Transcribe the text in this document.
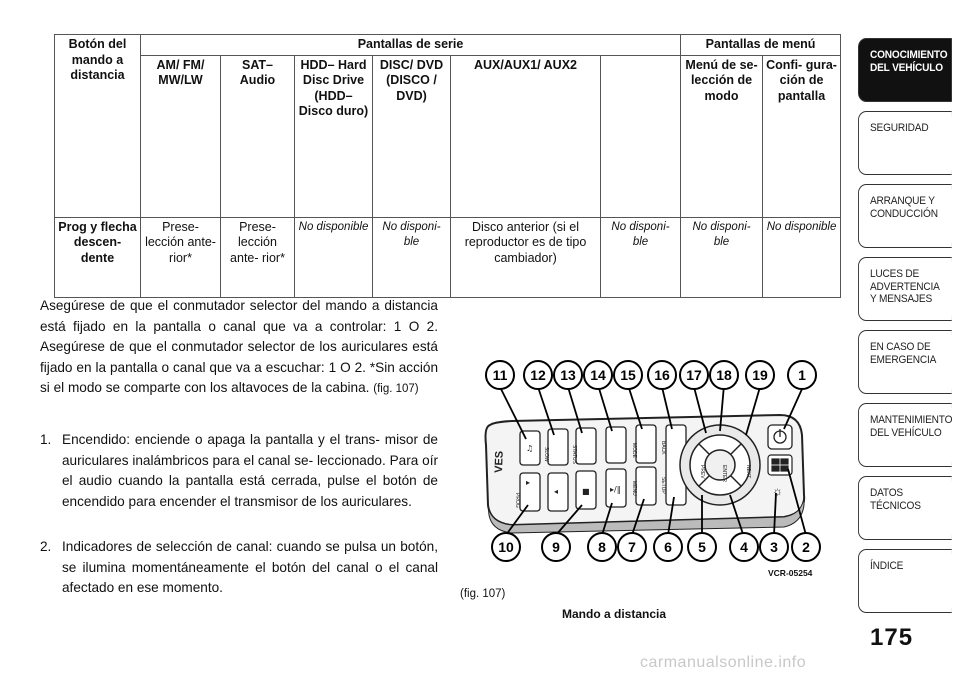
Botón del mando a distancia	Pantallas de serie						Pantallas de menú	
	AM/ FM/ MW/LW	SAT– Audio	HDD– Hard Disc Drive (HDD– Disco duro)	DISC/ DVD (DISCO / DVD)	AUX/AUX1/ AUX2		Menú de se- lección de modo	Confi- gura- ción de pantalla
Prog y flecha descen- dente	Prese- lección ante- rior*	Prese- lección ante- rior*	No disponible	No disponi- ble	Disco anterior (si el reproductor es de tipo cambiador)	No disponi- ble	No disponi- ble	No disponible

Asegúrese de que el conmutador selector del mando a distancia está fijado en la pantalla o canal que va a controlar: 1 O 2. Asegúrese de que el conmutador selector de los auriculares está fijado en la pantalla o canal que va a escuchar: 1 O 2. *Sin acción si el modo se comparte con los altavoces de la cabina. (fig. 107)

1. Encendido: enciende o apaga la pantalla y el trans- misor de auriculares inalámbricos para el canal se- leccionado. Para oír el audio cuando la pantalla está cerrada, pulse el botón de encendido para encender el transmisor de los auriculares.
2. Indicadores de selección de canal: cuando se pulsa un botón, se ilumina momentáneamente el botón del canal o el canal afectado en ese momento.
VES	SLOW	STATUS	MODE	BACK
SETUP
MENU
PROG
♫
◂
▸
■	▸/‖
ENTER
PREV	NEXT
☼
11 12 13 14 15 16 17 18 19 1
10	9	8 7 6 5 4 3 2
VCR-05254
(fig. 107)
Mando a distancia
CONOCIMIENTO DEL VEHÍCULO
SEGURIDAD
ARRANQUE Y CONDUCCIÓN
LUCES DE ADVERTENCIA Y MENSAJES
EN CASO DE EMERGENCIA
MANTENIMIENTO DEL VEHÍCULO
DATOS TÉCNICOS
ÍNDICE
175
carmanualsonline.info
